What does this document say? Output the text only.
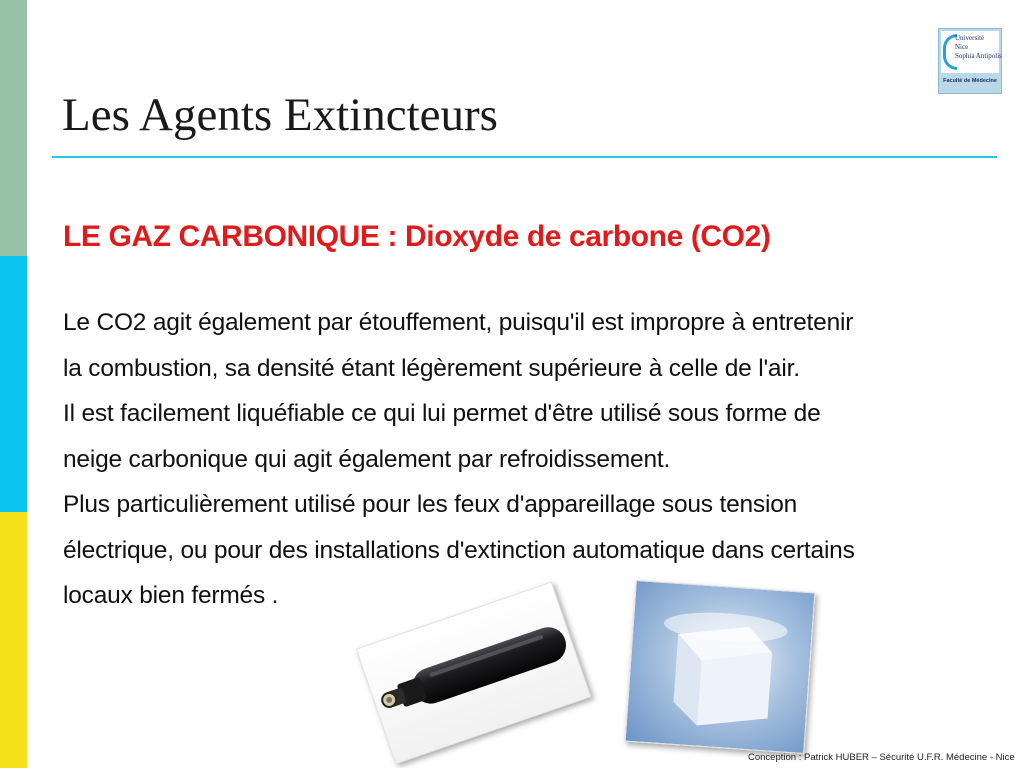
Université
Nice
Sophia Antipolis
Faculté de Médecine
Les Agents Extincteurs
LE GAZ CARBONIQUE : Dioxyde de carbone (CO2)

Le CO2 agit également par étouffement, puisqu'il est impropre à entretenir

la combustion, sa densité étant légèrement supérieure à celle de l'air.

Il est facilement liquéfiable ce qui lui permet d'être utilisé sous forme de

neige carbonique qui agit également par refroidissement.

Plus particulièrement utilisé pour les feux d'appareillage sous tension

électrique, ou pour des installations d'extinction automatique dans certains

locaux bien fermés .

Conception : Patrick HUBER – Sécurité U.F.R. Médecine - Nice
